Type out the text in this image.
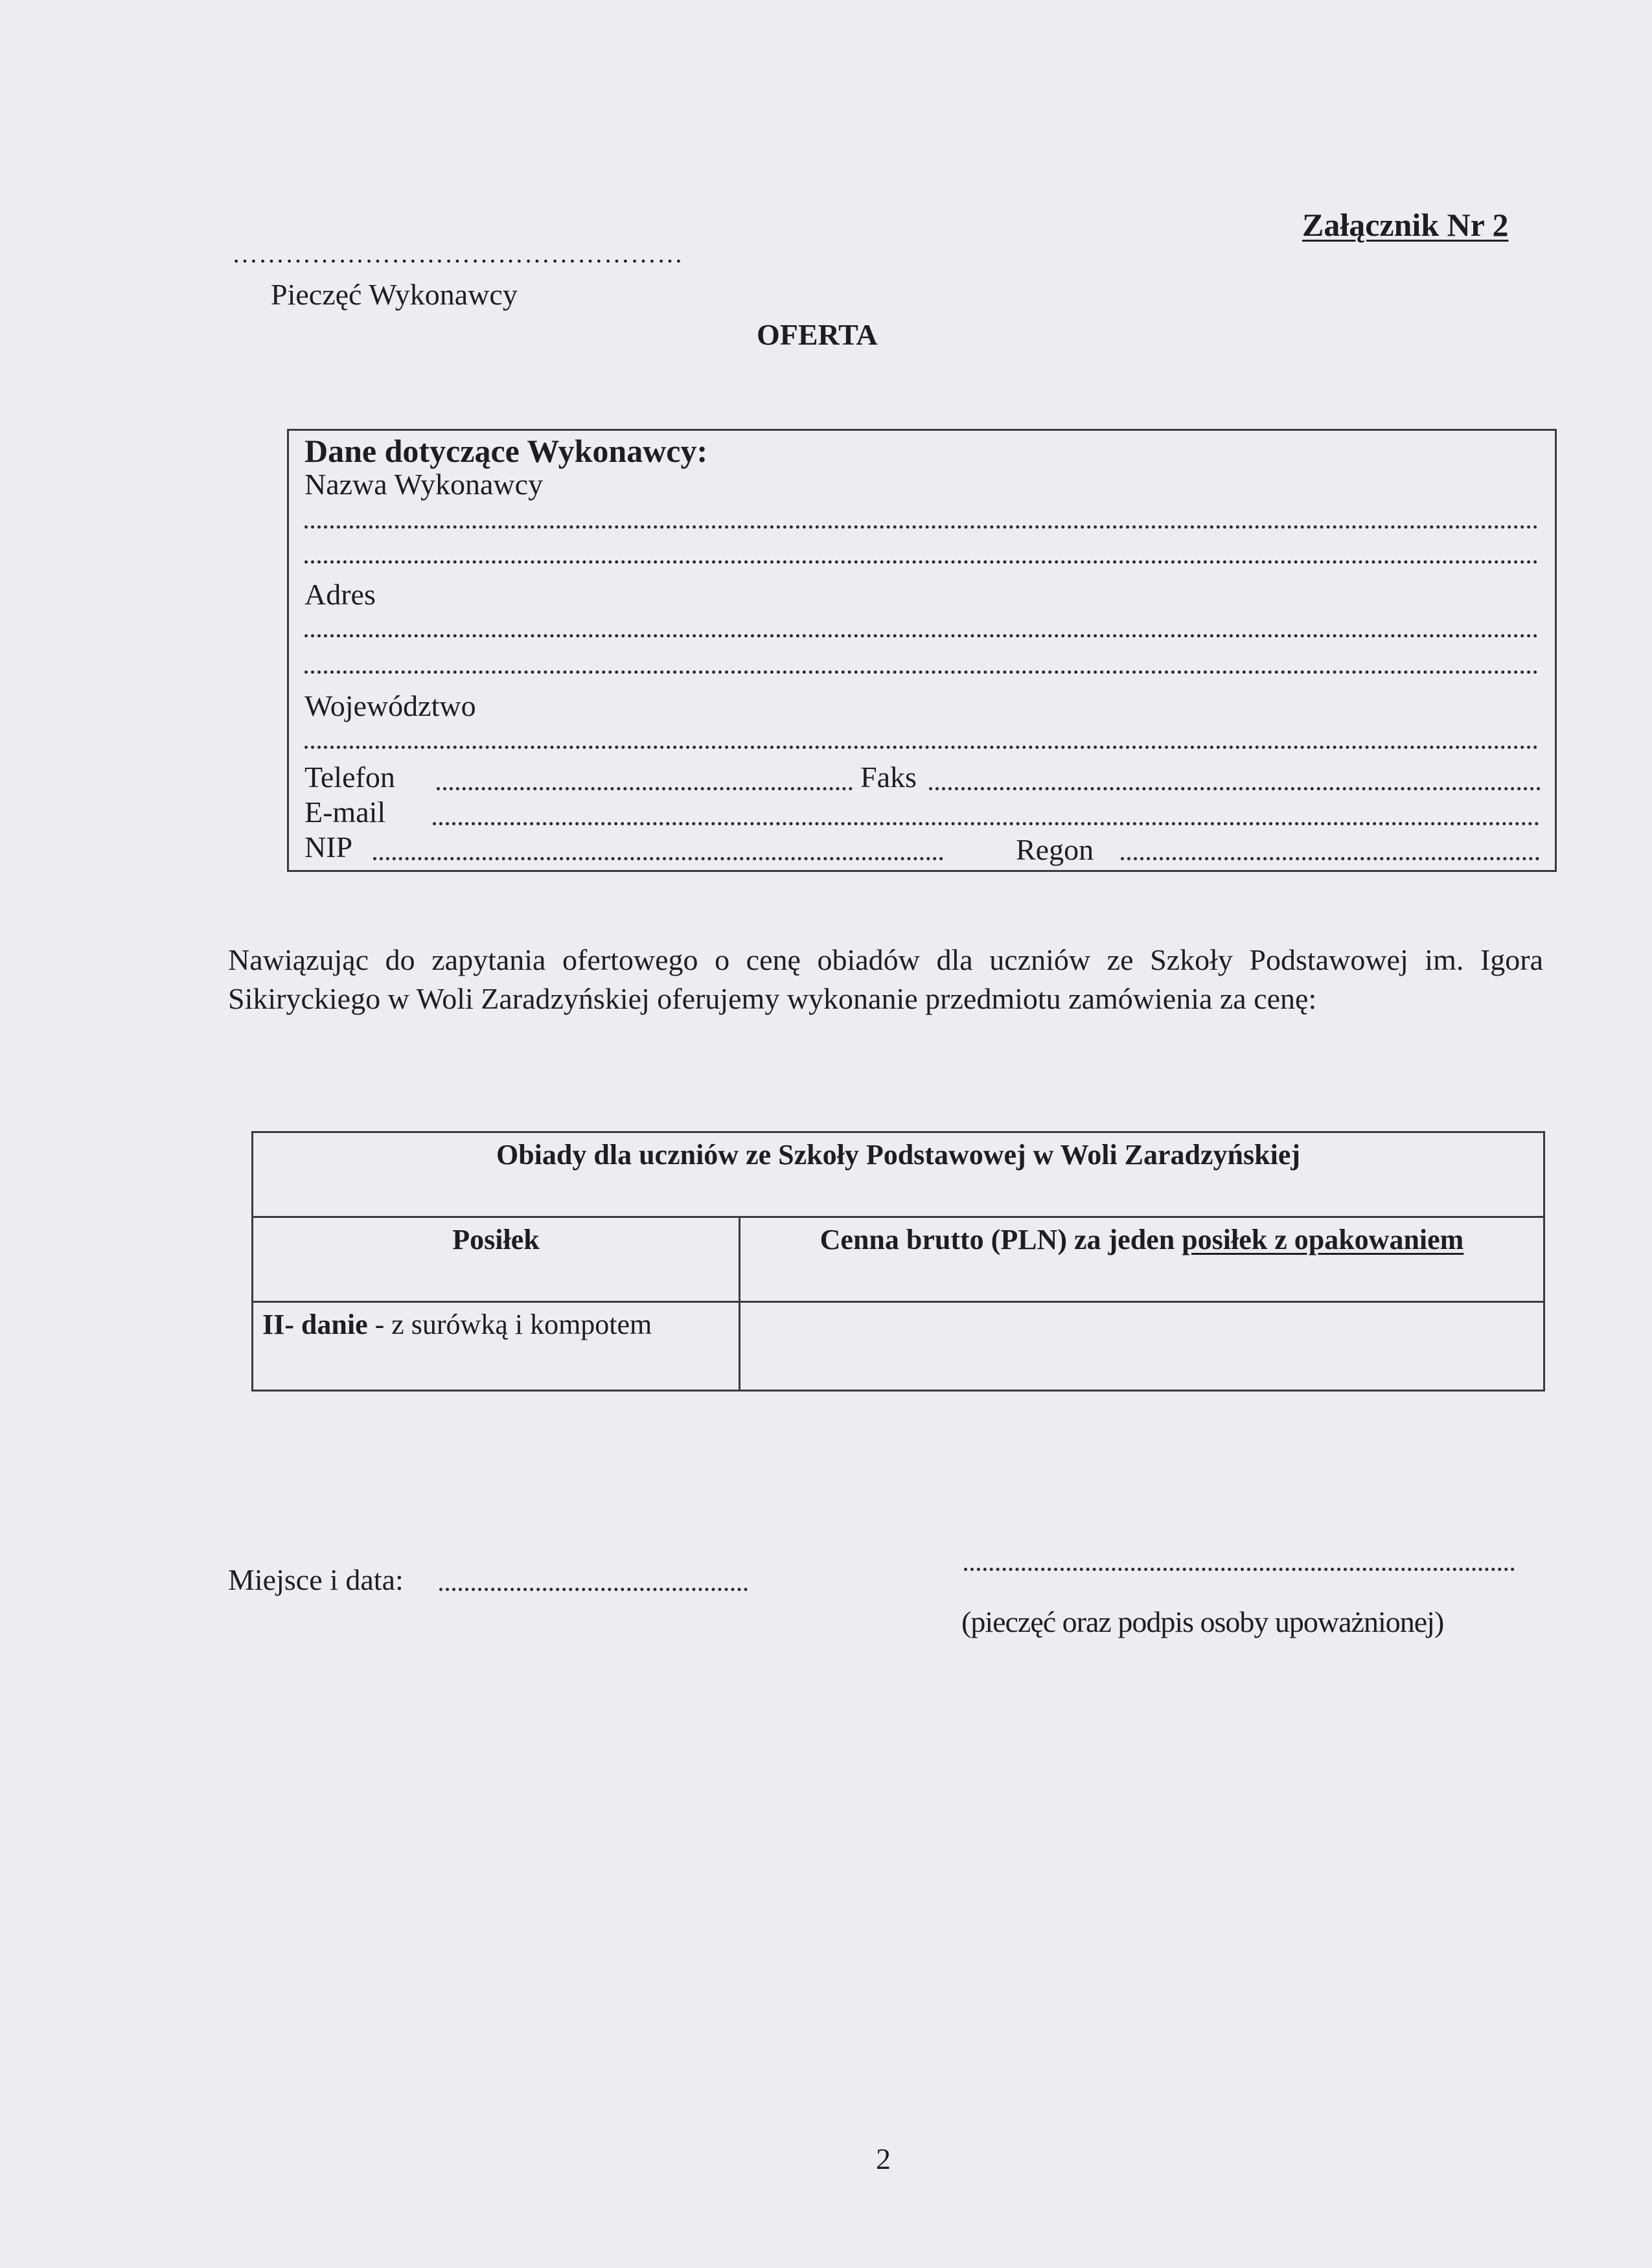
Załącznik Nr 2
……………………………………………
Pieczęć Wykonawcy
OFERTA
Dane dotyczące Wykonawcy:
Nazwa Wykonawcy
Adres
Województwo
Telefon	Faks
E-mail
NIP	Regon
Nawiązując do zapytania ofertowego o cenę obiadów dla uczniów ze Szkoły Podstawowej im. Igora Sikiryckiego w Woli Zaradzyńskiej oferujemy wykonanie przedmiotu zamówienia za cenę:
Obiady dla uczniów ze Szkoły Podstawowej w Woli Zaradzyńskiej	
Posiłek	Cenna brutto (PLN) za jeden posiłek z opakowaniem
II- danie - z surówką i kompotem	
Miejsce i data:
(pieczęć oraz podpis osoby upoważnionej)
2
